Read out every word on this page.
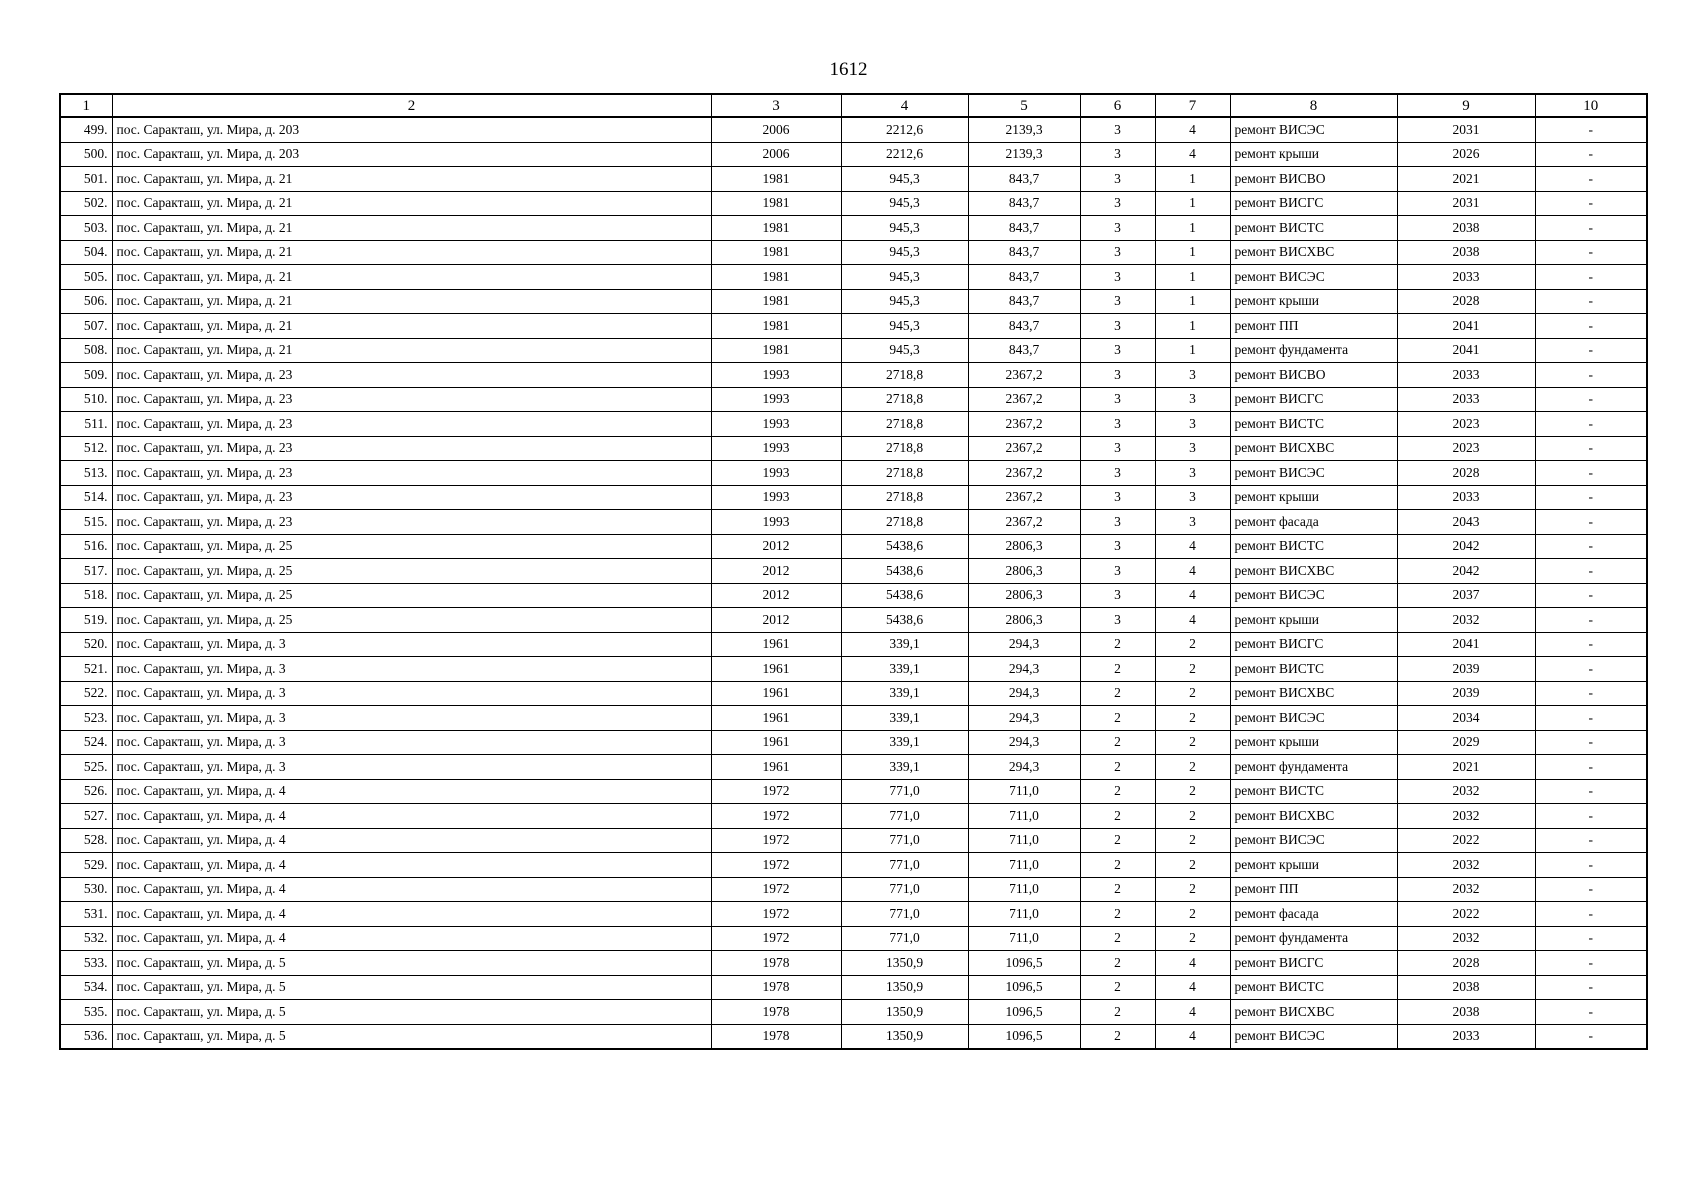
1612
1	2	3	4	5	6	7	8	9	10
499.	пос. Саракташ, ул. Мира, д. 203	2006	2212,6	2139,3	3	4	ремонт ВИСЭС	2031	-
500.	пос. Саракташ, ул. Мира, д. 203	2006	2212,6	2139,3	3	4	ремонт крыши	2026	-
501.	пос. Саракташ, ул. Мира, д. 21	1981	945,3	843,7	3	1	ремонт ВИСВО	2021	-
502.	пос. Саракташ, ул. Мира, д. 21	1981	945,3	843,7	3	1	ремонт ВИСГС	2031	-
503.	пос. Саракташ, ул. Мира, д. 21	1981	945,3	843,7	3	1	ремонт ВИСТС	2038	-
504.	пос. Саракташ, ул. Мира, д. 21	1981	945,3	843,7	3	1	ремонт ВИСХВС	2038	-
505.	пос. Саракташ, ул. Мира, д. 21	1981	945,3	843,7	3	1	ремонт ВИСЭС	2033	-
506.	пос. Саракташ, ул. Мира, д. 21	1981	945,3	843,7	3	1	ремонт крыши	2028	-
507.	пос. Саракташ, ул. Мира, д. 21	1981	945,3	843,7	3	1	ремонт ПП	2041	-
508.	пос. Саракташ, ул. Мира, д. 21	1981	945,3	843,7	3	1	ремонт фундамента	2041	-
509.	пос. Саракташ, ул. Мира, д. 23	1993	2718,8	2367,2	3	3	ремонт ВИСВО	2033	-
510.	пос. Саракташ, ул. Мира, д. 23	1993	2718,8	2367,2	3	3	ремонт ВИСГС	2033	-
511.	пос. Саракташ, ул. Мира, д. 23	1993	2718,8	2367,2	3	3	ремонт ВИСТС	2023	-
512.	пос. Саракташ, ул. Мира, д. 23	1993	2718,8	2367,2	3	3	ремонт ВИСХВС	2023	-
513.	пос. Саракташ, ул. Мира, д. 23	1993	2718,8	2367,2	3	3	ремонт ВИСЭС	2028	-
514.	пос. Саракташ, ул. Мира, д. 23	1993	2718,8	2367,2	3	3	ремонт крыши	2033	-
515.	пос. Саракташ, ул. Мира, д. 23	1993	2718,8	2367,2	3	3	ремонт фасада	2043	-
516.	пос. Саракташ, ул. Мира, д. 25	2012	5438,6	2806,3	3	4	ремонт ВИСТС	2042	-
517.	пос. Саракташ, ул. Мира, д. 25	2012	5438,6	2806,3	3	4	ремонт ВИСХВС	2042	-
518.	пос. Саракташ, ул. Мира, д. 25	2012	5438,6	2806,3	3	4	ремонт ВИСЭС	2037	-
519.	пос. Саракташ, ул. Мира, д. 25	2012	5438,6	2806,3	3	4	ремонт крыши	2032	-
520.	пос. Саракташ, ул. Мира, д. 3	1961	339,1	294,3	2	2	ремонт ВИСГС	2041	-
521.	пос. Саракташ, ул. Мира, д. 3	1961	339,1	294,3	2	2	ремонт ВИСТС	2039	-
522.	пос. Саракташ, ул. Мира, д. 3	1961	339,1	294,3	2	2	ремонт ВИСХВС	2039	-
523.	пос. Саракташ, ул. Мира, д. 3	1961	339,1	294,3	2	2	ремонт ВИСЭС	2034	-
524.	пос. Саракташ, ул. Мира, д. 3	1961	339,1	294,3	2	2	ремонт крыши	2029	-
525.	пос. Саракташ, ул. Мира, д. 3	1961	339,1	294,3	2	2	ремонт фундамента	2021	-
526.	пос. Саракташ, ул. Мира, д. 4	1972	771,0	711,0	2	2	ремонт ВИСТС	2032	-
527.	пос. Саракташ, ул. Мира, д. 4	1972	771,0	711,0	2	2	ремонт ВИСХВС	2032	-
528.	пос. Саракташ, ул. Мира, д. 4	1972	771,0	711,0	2	2	ремонт ВИСЭС	2022	-
529.	пос. Саракташ, ул. Мира, д. 4	1972	771,0	711,0	2	2	ремонт крыши	2032	-
530.	пос. Саракташ, ул. Мира, д. 4	1972	771,0	711,0	2	2	ремонт ПП	2032	-
531.	пос. Саракташ, ул. Мира, д. 4	1972	771,0	711,0	2	2	ремонт фасада	2022	-
532.	пос. Саракташ, ул. Мира, д. 4	1972	771,0	711,0	2	2	ремонт фундамента	2032	-
533.	пос. Саракташ, ул. Мира, д. 5	1978	1350,9	1096,5	2	4	ремонт ВИСГС	2028	-
534.	пос. Саракташ, ул. Мира, д. 5	1978	1350,9	1096,5	2	4	ремонт ВИСТС	2038	-
535.	пос. Саракташ, ул. Мира, д. 5	1978	1350,9	1096,5	2	4	ремонт ВИСХВС	2038	-
536.	пос. Саракташ, ул. Мира, д. 5	1978	1350,9	1096,5	2	4	ремонт ВИСЭС	2033	-
